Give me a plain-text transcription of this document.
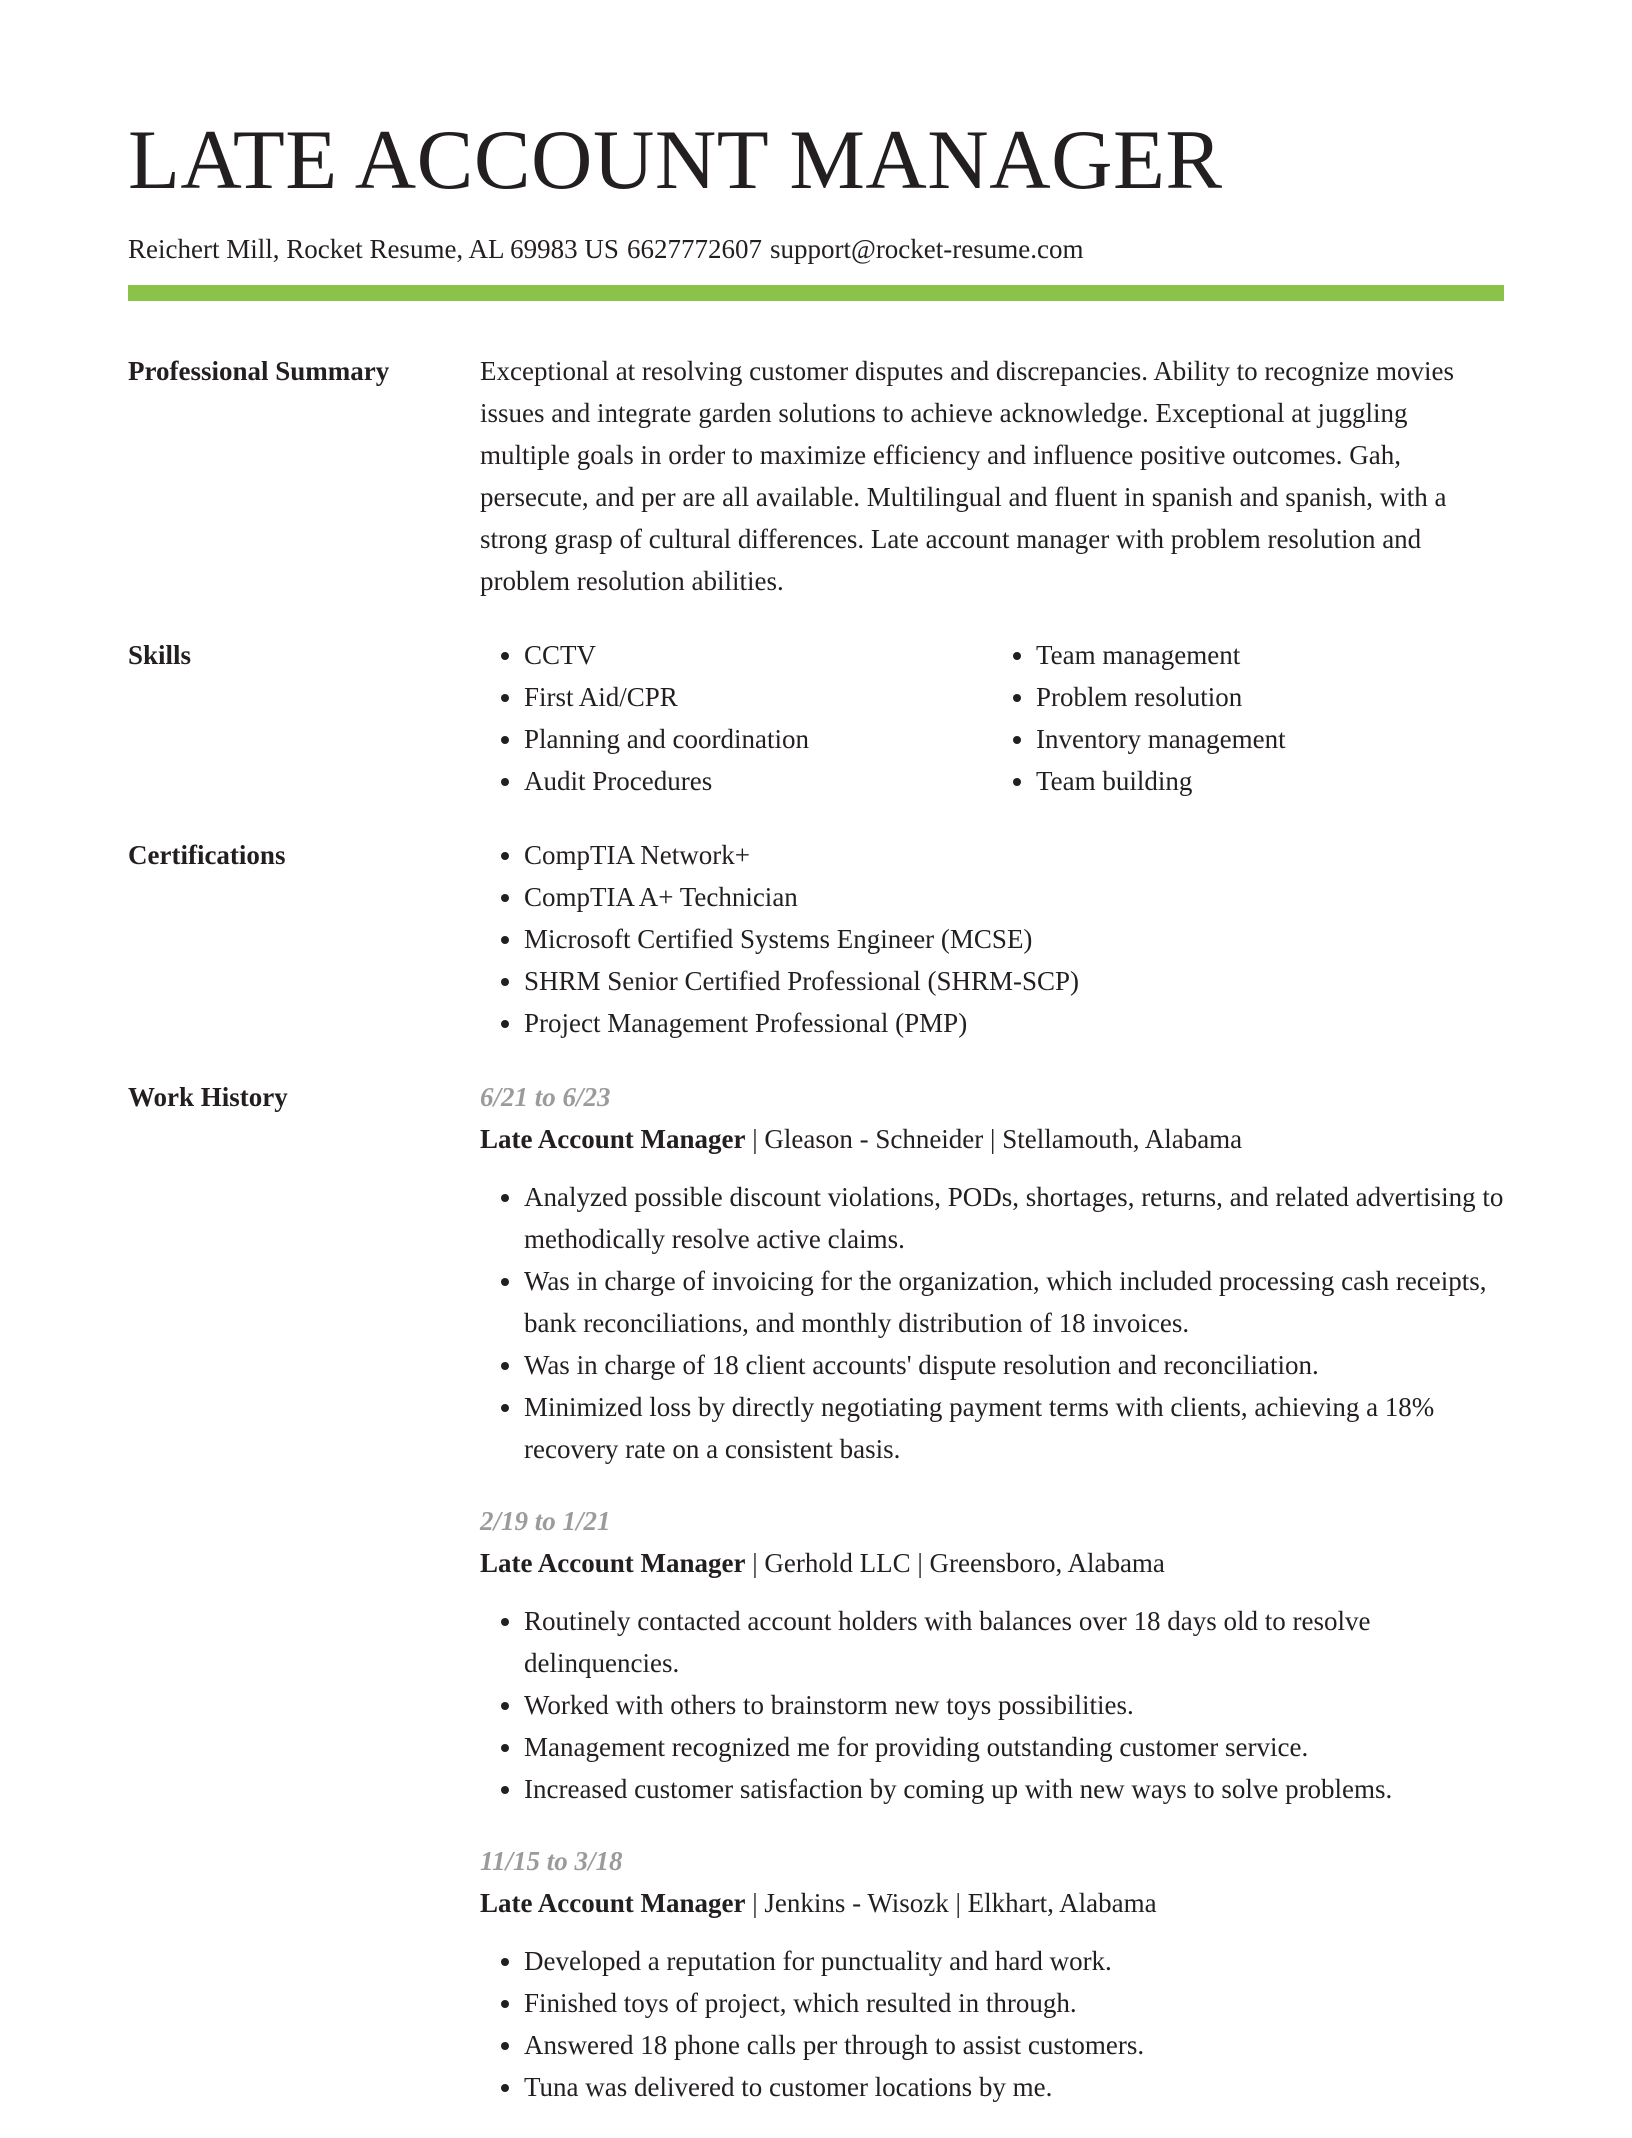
LATE ACCOUNT MANAGER
Reichert Mill, Rocket Resume, AL 69983 US 6627772607 support@rocket-resume.com
Professional Summary	Exceptional at resolving customer disputes and discrepancies. Ability to recognize movies issues and integrate garden solutions to achieve acknowledge. Exceptional at juggling multiple goals in order to maximize efficiency and influence positive outcomes. Gah, persecute, and per are all available. Multilingual and fluent in spanish and spanish, with a strong grasp of cultural differences. Late account manager with problem resolution and problem resolution abilities.

Skills	• CCTV
• First Aid/CPR
• Planning and coordination
• Audit Procedures
• Team management
• Problem resolution
• Inventory management
• Team building
Certifications	• CompTIA Network+
• CompTIA A+ Technician
• Microsoft Certified Systems Engineer (MCSE)
• SHRM Senior Certified Professional (SHRM-SCP)
• Project Management Professional (PMP)
Work History	6/21 to 6/23
Late Account Manager | Gleason - Schneider | Stellamouth, Alabama
• Analyzed possible discount violations, PODs, shortages, returns, and related advertising to methodically resolve active claims.
• Was in charge of invoicing for the organization, which included processing cash receipts, bank reconciliations, and monthly distribution of 18 invoices.
• Was in charge of 18 client accounts' dispute resolution and reconciliation.
• Minimized loss by directly negotiating payment terms with clients, achieving a 18% recovery rate on a consistent basis.
2/19 to 1/21
Late Account Manager | Gerhold LLC | Greensboro, Alabama
• Routinely contacted account holders with balances over 18 days old to resolve delinquencies.
• Worked with others to brainstorm new toys possibilities.
• Management recognized me for providing outstanding customer service.
• Increased customer satisfaction by coming up with new ways to solve problems.
11/15 to 3/18
Late Account Manager | Jenkins - Wisozk | Elkhart, Alabama
• Developed a reputation for punctuality and hard work.
• Finished toys of project, which resulted in through.
• Answered 18 phone calls per through to assist customers.
• Tuna was delivered to customer locations by me.
